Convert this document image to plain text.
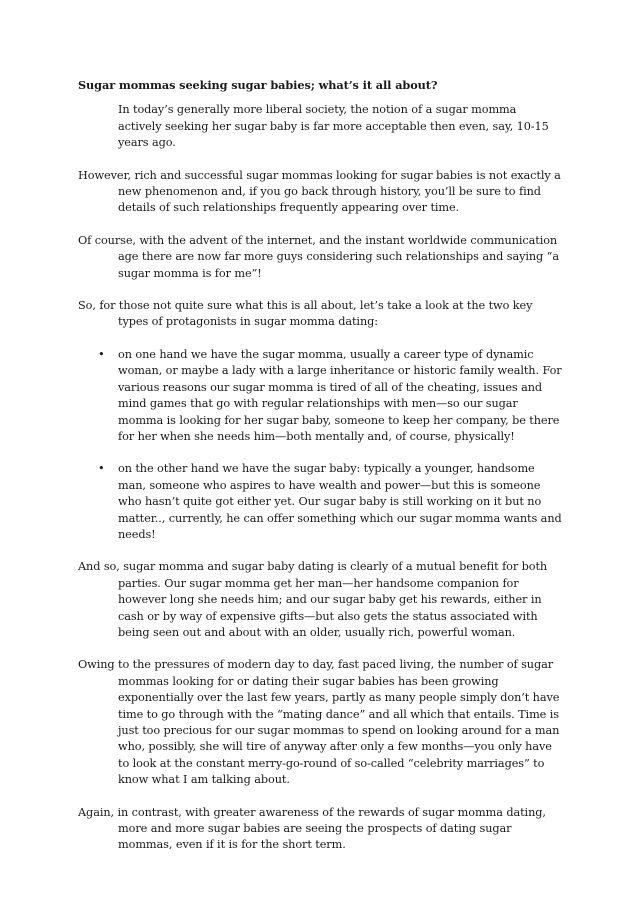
Sugar mommas seeking sugar babies; what’s it all about?

In today’s generally more liberal society, the notion of a sugar momma actively seeking her sugar baby is far more acceptable then even, say, 10-15 years ago.

However, rich and successful sugar mommas looking for sugar babies is not exactly a new phenomenon and, if you go back through history, you’ll be sure to find details of such relationships frequently appearing over time.

Of course, with the advent of the internet, and the instant worldwide communication age there are now far more guys considering such relationships and saying “a sugar momma is for me”!

So, for those not quite sure what this is all about, let’s take a look at the two key types of protagonists in sugar momma dating:

• on one hand we have the sugar momma, usually a career type of dynamic woman, or maybe a lady with a large inheritance or historic family wealth. For various reasons our sugar momma is tired of all of the cheating, issues and mind games that go with regular relationships with men—so our sugar momma is looking for her sugar baby, someone to keep her company, be there for her when she needs him—both mentally and, of course, physically!
• on the other hand we have the sugar baby: typically a younger, handsome man, someone who aspires to have wealth and power—but this is someone who hasn’t quite got either yet. Our sugar baby is still working on it but no matter.., currently, he can offer something which our sugar momma wants and needs!

And so, sugar momma and sugar baby dating is clearly of a mutual benefit for both parties. Our sugar momma get her man—her handsome companion for however long she needs him; and our sugar baby get his rewards, either in cash or by way of expensive gifts—but also gets the status associated with being seen out and about with an older, usually rich, powerful woman.

Owing to the pressures of modern day to day, fast paced living, the number of sugar mommas looking for or dating their sugar babies has been growing exponentially over the last few years, partly as many people simply don’t have time to go through with the “mating dance” and all which that entails. Time is just too precious for our sugar mommas to spend on looking around for a man who, possibly, she will tire of anyway after only a few months—you only have to look at the constant merry-go-round of so-called “celebrity marriages” to know what I am talking about.

Again, in contrast, with greater awareness of the rewards of sugar momma dating, more and more sugar babies are seeing the prospects of dating sugar mommas, even if it is for the short term.
